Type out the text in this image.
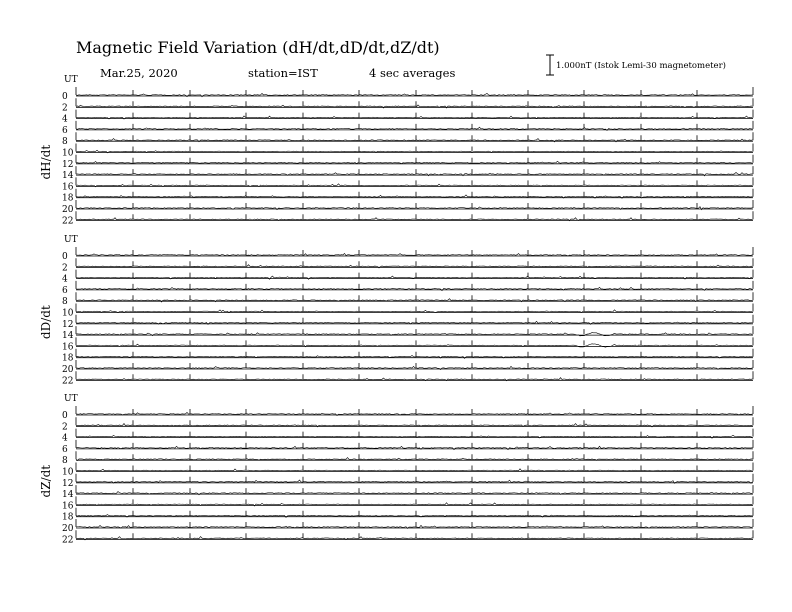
Magnetic Field Variation (dH/dt,dD/dt,dZ/dt)
Mar.25, 2020	station=IST	4 sec averages	1.000nT (Istok Lemi-30 magnetometer)
UT
dH/dt
0
2
4
6
8
10
12
14
16
18
20
22
UT
dD/dt
0
2
4
6
8
10
12
14
16
18
20
22
UT
dZ/dt
0
2
4
6
8
10
12
14
16
18
20
22
